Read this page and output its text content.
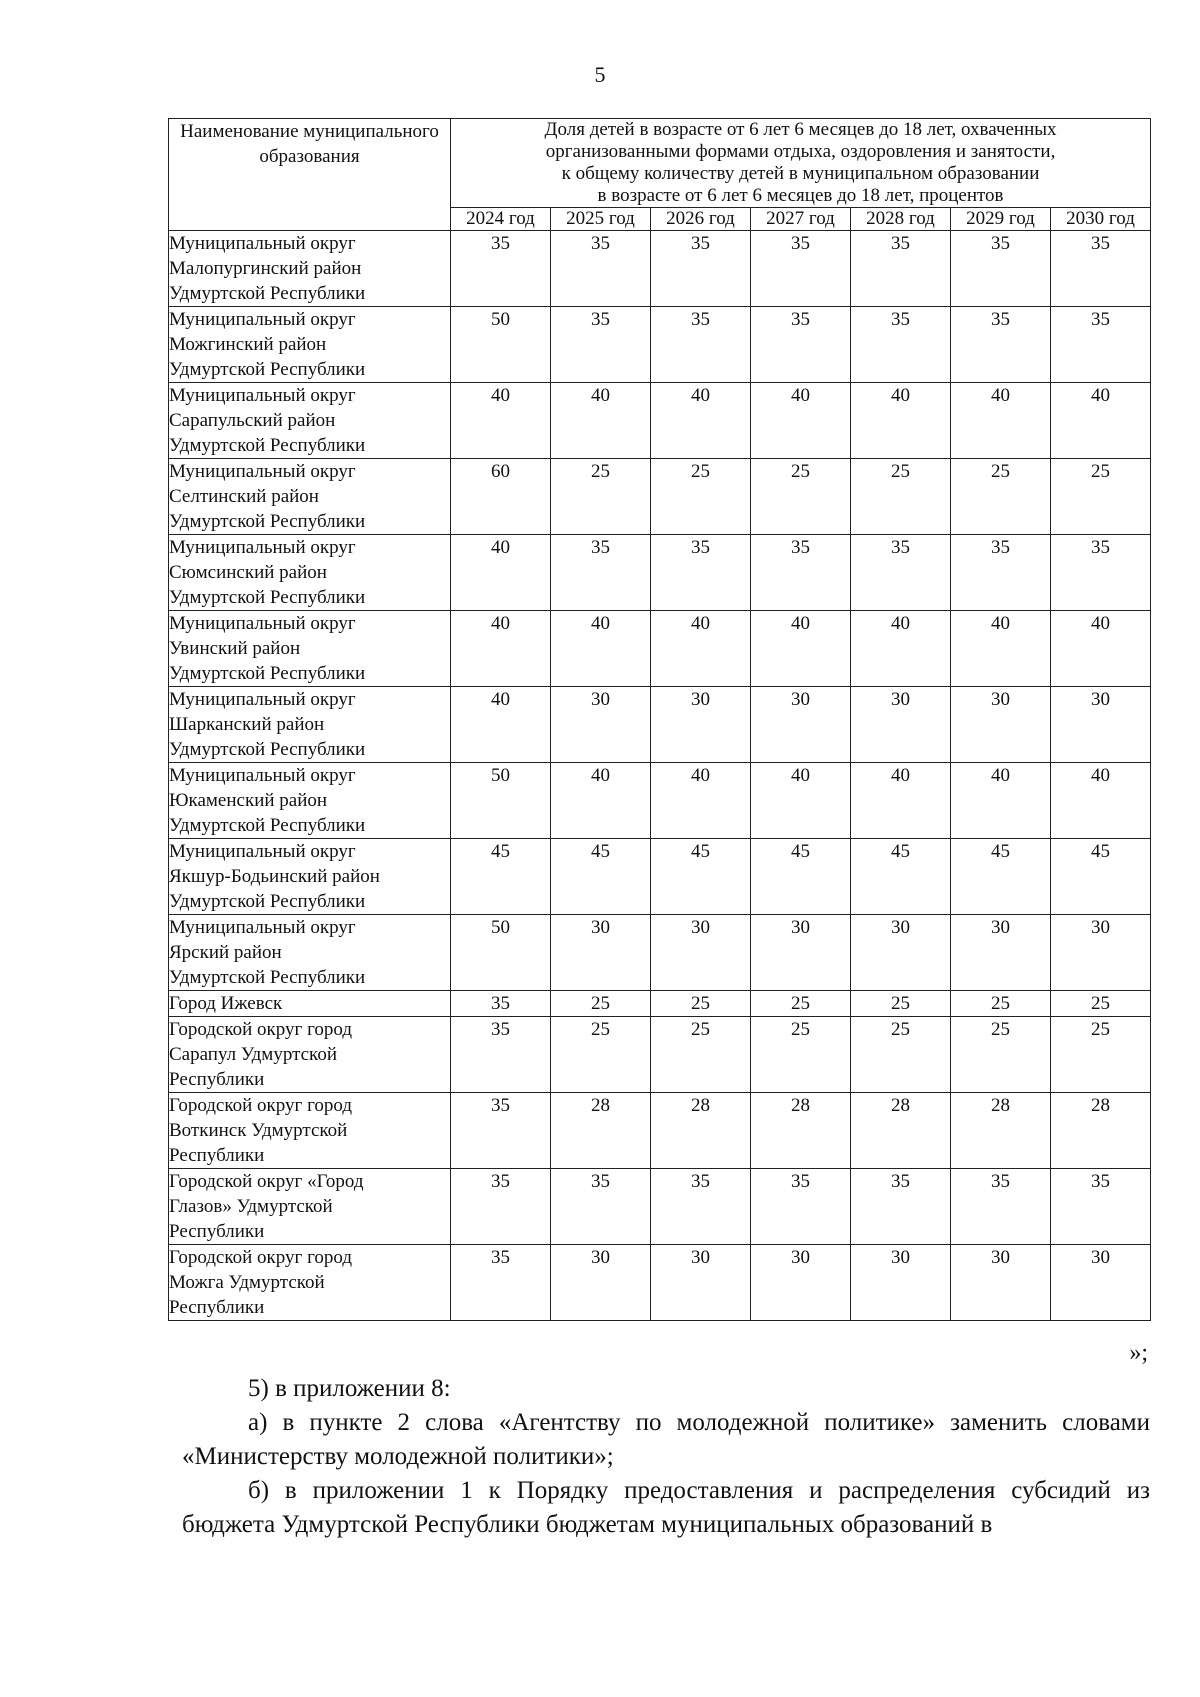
5
Наименование муниципального образования	Доля детей в возрасте от 6 лет 6 месяцев до 18 лет, охваченных
организованными формами отдыха, оздоровления и занятости,
к общему количеству детей в муниципальном образовании
в возрасте от 6 лет 6 месяцев до 18 лет, процентов						

	2024 год	2025 год	2026 год	2027 год	2028 год	2029 год	2030 год

Муниципальный округ
Малопургинский район
Удмуртской Республики	35	35	35	35	35	35	35

Муниципальный округ
Можгинский район
Удмуртской Республики	50	35	35	35	35	35	35

Муниципальный округ
Сарапульский район
Удмуртской Республики	40	40	40	40	40	40	40

Муниципальный округ
Селтинский район
Удмуртской Республики	60	25	25	25	25	25	25

Муниципальный округ
Сюмсинский район
Удмуртской Республики	40	35	35	35	35	35	35

Муниципальный округ
Увинский район
Удмуртской Республики	40	40	40	40	40	40	40

Муниципальный округ
Шарканский район
Удмуртской Республики	40	30	30	30	30	30	30

Муниципальный округ
Юкаменский район
Удмуртской Республики	50	40	40	40	40	40	40

Муниципальный округ
Якшур-Бодьинский район
Удмуртской Республики	45	45	45	45	45	45	45

Муниципальный округ
Ярский район
Удмуртской Республики	50	30	30	30	30	30	30

Город Ижевск	35	25	25	25	25	25	25

Городской округ город
Сарапул Удмуртской
Республики	35	25	25	25	25	25	25

Городской округ город
Воткинск Удмуртской
Республики	35	28	28	28	28	28	28

Городской округ «Город
Глазов» Удмуртской
Республики	35	35	35	35	35	35	35

Городской округ город
Можга Удмуртской
Республики	35	30	30	30	30	30	30
»;
5) в приложении 8:
а) в пункте 2 слова «Агентству по молодежной политике» заменить словами «Министерству молодежной политики»;
б) в приложении 1 к Порядку предоставления и распределения субсидий из бюджета Удмуртской Республики бюджетам муниципальных образований в
